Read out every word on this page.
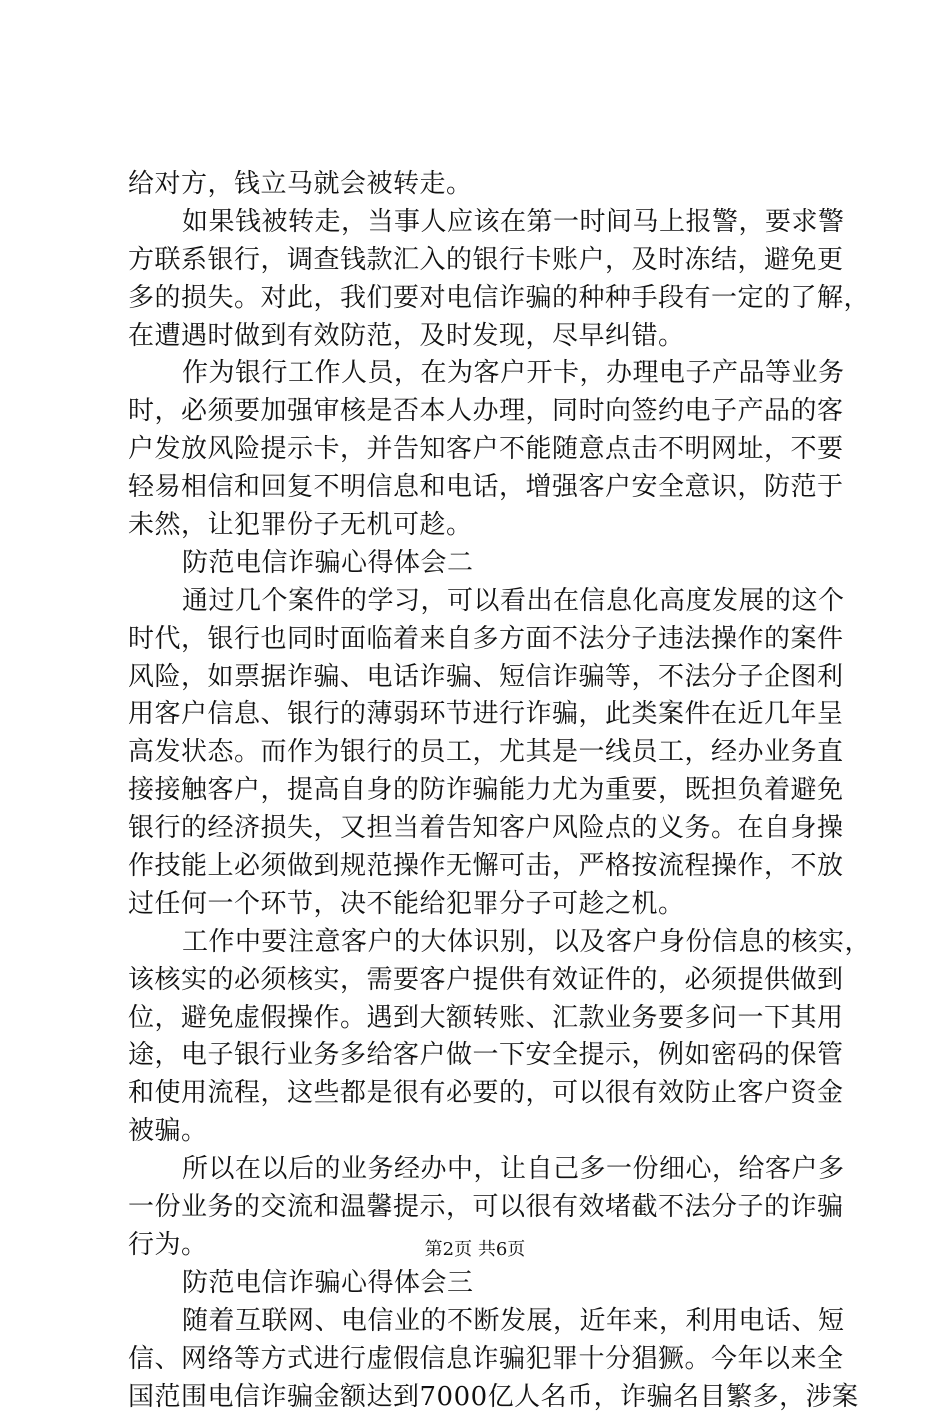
给对方，钱立马就会被转走。
如果钱被转走，当事人应该在第一时间马上报警，要求警
方联系银行，调查钱款汇入的银行卡账户，及时冻结，避免更
多的损失。对此，我们要对电信诈骗的种种手段有一定的了解，
在遭遇时做到有效防范，及时发现，尽早纠错。
作为银行工作人员，在为客户开卡，办理电子产品等业务
时，必须要加强审核是否本人办理，同时向签约电子产品的客
户发放风险提示卡，并告知客户不能随意点击不明网址，不要
轻易相信和回复不明信息和电话，增强客户安全意识，防范于
未然，让犯罪份子无机可趁。
防范电信诈骗心得体会二
通过几个案件的学习，可以看出在信息化高度发展的这个
时代，银行也同时面临着来自多方面不法分子违法操作的案件
风险，如票据诈骗、电话诈骗、短信诈骗等，不法分子企图利
用客户信息、银行的薄弱环节进行诈骗，此类案件在近几年呈
高发状态。而作为银行的员工，尤其是一线员工，经办业务直
接接触客户，提高自身的防诈骗能力尤为重要，既担负着避免
银行的经济损失，又担当着告知客户风险点的义务。在自身操
作技能上必须做到规范操作无懈可击，严格按流程操作，不放
过任何一个环节，决不能给犯罪分子可趁之机。
工作中要注意客户的大体识别，以及客户身份信息的核实，
该核实的必须核实，需要客户提供有效证件的，必须提供做到
位，避免虚假操作。遇到大额转账、汇款业务要多问一下其用
途，电子银行业务多给客户做一下安全提示，例如密码的保管
和使用流程，这些都是很有必要的，可以很有效防止客户资金
被骗。
所以在以后的业务经办中，让自己多一份细心，给客户多
一份业务的交流和温馨提示，可以很有效堵截不法分子的诈骗
行为。
防范电信诈骗心得体会三
随着互联网、电信业的不断发展，近年来，利用电话、短
信、网络等方式进行虚假信息诈骗犯罪十分猖獗。今年以来全
国范围电信诈骗金额达到7000亿人名币，诈骗名目繁多，涉案
第2页 共6页
